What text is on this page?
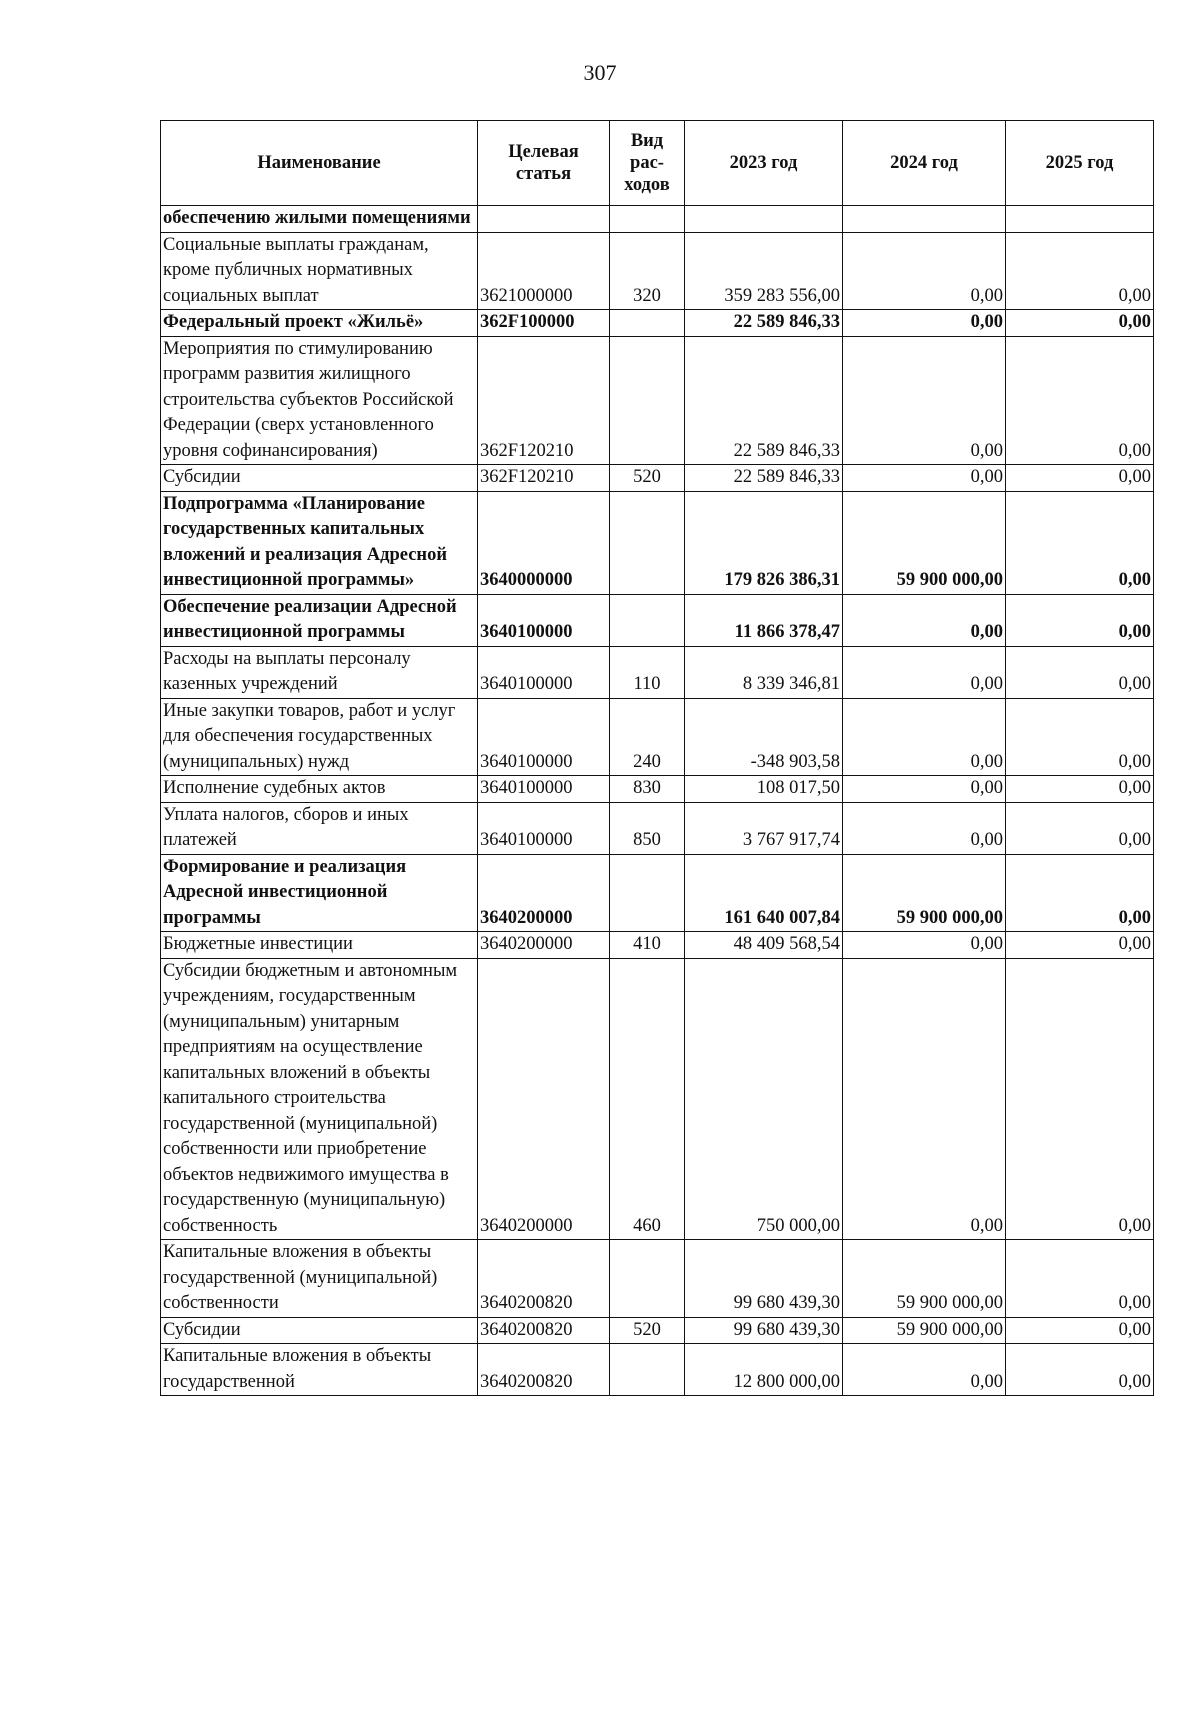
307
Наименование	Целевая статья	Вид рас-ходов	2023 год	2024 год	2025 год
обеспечению жилыми помещениями					
Социальные выплаты гражданам, кроме публичных нормативных социальных выплат	3621000000	320	359 283 556,00	0,00	0,00
Федеральный проект «Жильё»	362F100000		22 589 846,33	0,00	0,00
Мероприятия по стимулированию программ развития жилищного строительства субъектов Российской Федерации (сверх установленного уровня софинансирования)	362F120210		22 589 846,33	0,00	0,00
Субсидии	362F120210	520	22 589 846,33	0,00	0,00
Подпрограмма «Планирование государственных капитальных вложений и реализация Адресной инвестиционной программы»	3640000000		179 826 386,31	59 900 000,00	0,00
Обеспечение реализации Адресной инвестиционной программы	3640100000		11 866 378,47	0,00	0,00
Расходы на выплаты персоналу казенных учреждений	3640100000	110	8 339 346,81	0,00	0,00
Иные закупки товаров, работ и услуг для обеспечения государственных (муниципальных) нужд	3640100000	240	-348 903,58	0,00	0,00
Исполнение судебных актов	3640100000	830	108 017,50	0,00	0,00
Уплата налогов, сборов и иных платежей	3640100000	850	3 767 917,74	0,00	0,00
Формирование и реализация Адресной инвестиционной программы	3640200000		161 640 007,84	59 900 000,00	0,00
Бюджетные инвестиции	3640200000	410	48 409 568,54	0,00	0,00
Субсидии бюджетным и автономным учреждениям, государственным (муниципальным) унитарным предприятиям на осуществление капитальных вложений в объекты капитального строительства государственной (муниципальной) собственности или приобретение объектов недвижимого имущества в государственную (муниципальную) собственность	3640200000	460	750 000,00	0,00	0,00
Капитальные вложения в объекты государственной (муниципальной) собственности	3640200820		99 680 439,30	59 900 000,00	0,00
Субсидии	3640200820	520	99 680 439,30	59 900 000,00	0,00
Капитальные вложения в объекты государственной	3640200820		12 800 000,00	0,00	0,00
